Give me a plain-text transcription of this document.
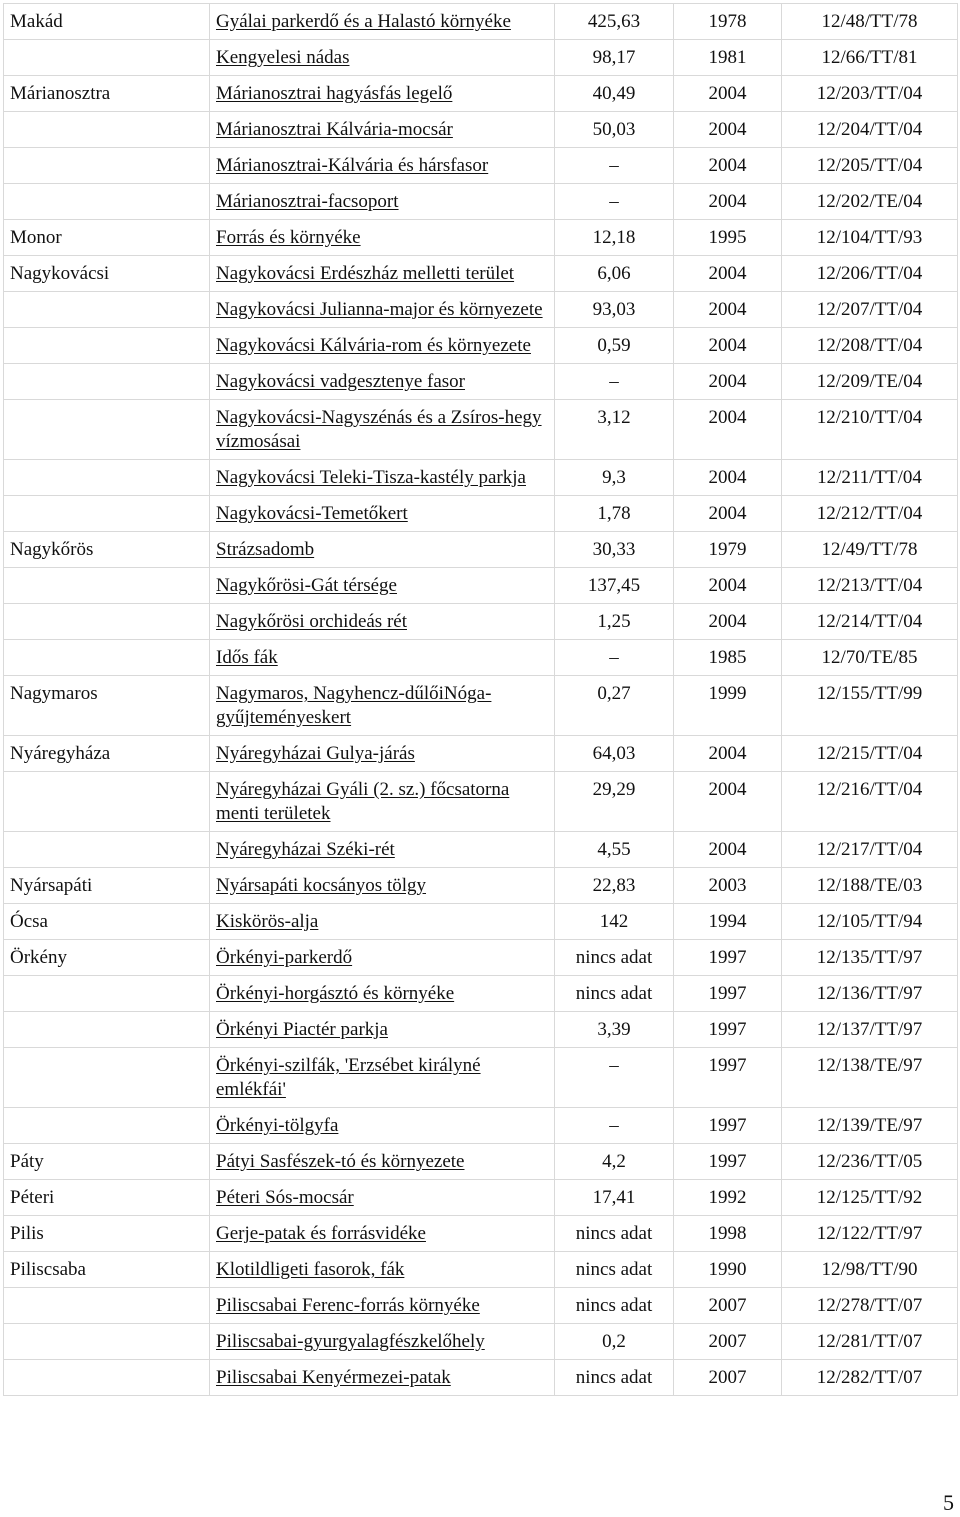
Makád	Gyálai parkerdő és a Halastó környéke	425,63	1978	12/48/TT/78
	Kengyelesi nádas	98,17	1981	12/66/TT/81
Márianosztra	Márianosztrai hagyásfás legelő	40,49	2004	12/203/TT/04
	Márianosztrai Kálvária-mocsár	50,03	2004	12/204/TT/04
	Márianosztrai-Kálvária és hársfasor	–	2004	12/205/TT/04
	Márianosztrai-facsoport	–	2004	12/202/TE/04
Monor	Forrás és környéke	12,18	1995	12/104/TT/93
Nagykovácsi	Nagykovácsi Erdészház melletti terület	6,06	2004	12/206/TT/04
	Nagykovácsi Julianna-major és környezete	93,03	2004	12/207/TT/04
	Nagykovácsi Kálvária-rom és környezete	0,59	2004	12/208/TT/04
	Nagykovácsi vadgesztenye fasor	–	2004	12/209/TE/04
	Nagykovácsi-Nagyszénás és a Zsíros-hegy vízmosásai	3,12	2004	12/210/TT/04
	Nagykovácsi Teleki-Tisza-kastély parkja	9,3	2004	12/211/TT/04
	Nagykovácsi-Temetőkert	1,78	2004	12/212/TT/04
Nagykőrös	Strázsadomb	30,33	1979	12/49/TT/78
	Nagykőrösi-Gát térsége	137,45	2004	12/213/TT/04
	Nagykőrösi orchideás rét	1,25	2004	12/214/TT/04
	Idős fák	–	1985	12/70/TE/85
Nagymaros	Nagymaros, Nagyhencz-dűlőiNóga-gyűjteményeskert	0,27	1999	12/155/TT/99
Nyáregyháza	Nyáregyházai Gulya-járás	64,03	2004	12/215/TT/04
	Nyáregyházai Gyáli (2. sz.) főcsatorna menti területek	29,29	2004	12/216/TT/04
	Nyáregyházai Széki-rét	4,55	2004	12/217/TT/04
Nyársapáti	Nyársapáti kocsányos tölgy	22,83	2003	12/188/TE/03
Ócsa	Kiskörös-alja	142	1994	12/105/TT/94
Örkény	Örkényi-parkerdő	nincs adat	1997	12/135/TT/97
	Örkényi-horgásztó és környéke	nincs adat	1997	12/136/TT/97
	Örkényi Piactér parkja	3,39	1997	12/137/TT/97
	Örkényi-szilfák, 'Erzsébet királyné emlékfái'	–	1997	12/138/TE/97
	Örkényi-tölgyfa	–	1997	12/139/TE/97
Páty	Pátyi Sasfészek-tó és környezete	4,2	1997	12/236/TT/05
Péteri	Péteri Sós-mocsár	17,41	1992	12/125/TT/92
Pilis	Gerje-patak és forrásvidéke	nincs adat	1998	12/122/TT/97
Piliscsaba	Klotildligeti fasorok, fák	nincs adat	1990	12/98/TT/90
	Piliscsabai Ferenc-forrás környéke	nincs adat	2007	12/278/TT/07
	Piliscsabai-gyurgyalagfészkelőhely	0,2	2007	12/281/TT/07
	Piliscsabai Kenyérmezei-patak	nincs adat	2007	12/282/TT/07
5
